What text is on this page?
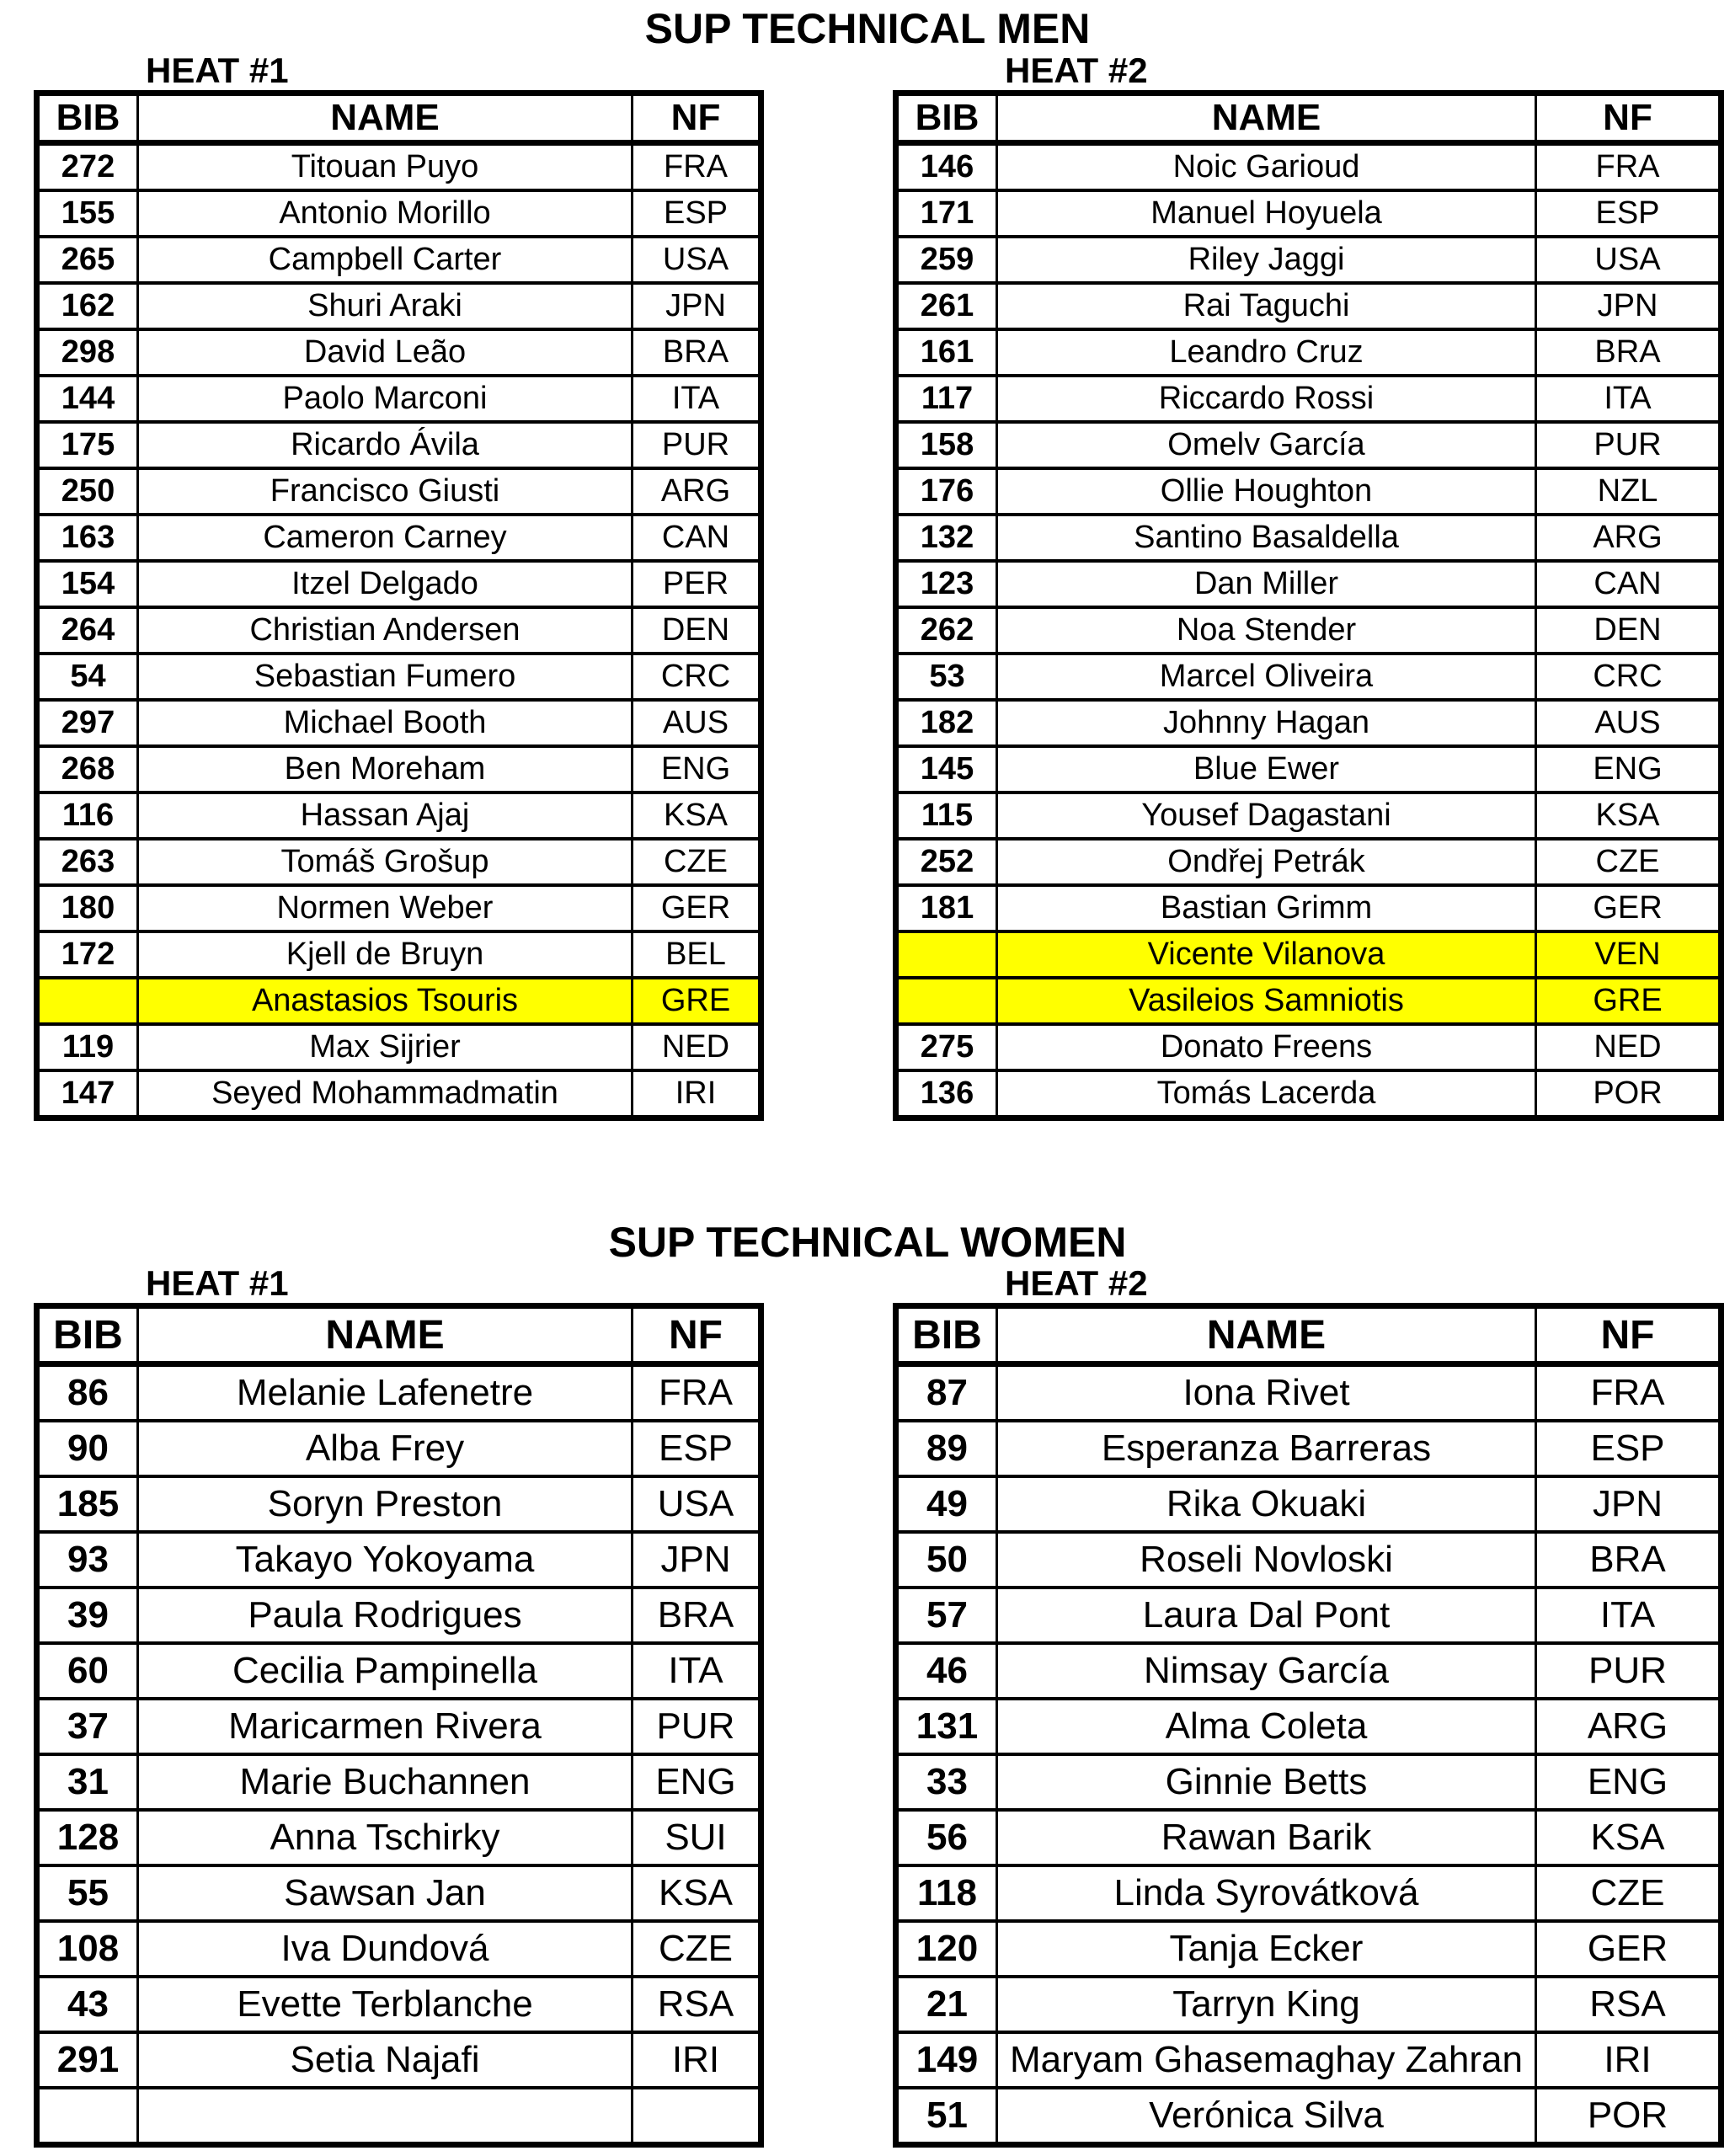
SUP TECHNICAL MEN
HEAT #1
BIB	NAME	NF
272	Titouan Puyo	FRA
155	Antonio Morillo	ESP
265	Campbell Carter	USA
162	Shuri Araki	JPN
298	David Leão	BRA
144	Paolo Marconi	ITA
175	Ricardo Ávila	PUR
250	Francisco Giusti	ARG
163	Cameron Carney	CAN
154	Itzel Delgado	PER
264	Christian Andersen	DEN
54	Sebastian Fumero	CRC
297	Michael Booth	AUS
268	Ben Moreham	ENG
116	Hassan Ajaj	KSA
263	Tomáš Grošup	CZE
180	Normen Weber	GER
172	Kjell de Bruyn	BEL
	Anastasios Tsouris	GRE
119	Max Sijrier	NED
147	Seyed Mohammadmatin	IRI
HEAT #2
BIB	NAME	NF
146	Noic Garioud	FRA
171	Manuel Hoyuela	ESP
259	Riley Jaggi	USA
261	Rai Taguchi	JPN
161	Leandro Cruz	BRA
117	Riccardo Rossi	ITA
158	Omelv García	PUR
176	Ollie Houghton	NZL
132	Santino Basaldella	ARG
123	Dan Miller	CAN
262	Noa Stender	DEN
53	Marcel Oliveira	CRC
182	Johnny Hagan	AUS
145	Blue Ewer	ENG
115	Yousef Dagastani	KSA
252	Ondřej Petrák	CZE
181	Bastian Grimm	GER
	Vicente Vilanova	VEN
	Vasileios Samniotis	GRE
275	Donato Freens	NED
136	Tomás Lacerda	POR
SUP TECHNICAL WOMEN
HEAT #1
BIB	NAME	NF
86	Melanie Lafenetre	FRA
90	Alba Frey	ESP
185	Soryn Preston	USA
93	Takayo Yokoyama	JPN
39	Paula Rodrigues	BRA
60	Cecilia Pampinella	ITA
37	Maricarmen Rivera	PUR
31	Marie Buchannen	ENG
128	Anna Tschirky	SUI
55	Sawsan Jan	KSA
108	Iva Dundová	CZE
43	Evette Terblanche	RSA
291	Setia Najafi	IRI

HEAT #2
BIB	NAME	NF
87	Iona Rivet	FRA
89	Esperanza Barreras	ESP
49	Rika Okuaki	JPN
50	Roseli Novloski	BRA
57	Laura Dal Pont	ITA
46	Nimsay García	PUR
131	Alma Coleta	ARG
33	Ginnie Betts	ENG
56	Rawan Barik	KSA
118	Linda Syrovátková	CZE
120	Tanja Ecker	GER
21	Tarryn King	RSA
149	Maryam Ghasemaghay Zahran	IRI
51	Verónica Silva	POR
